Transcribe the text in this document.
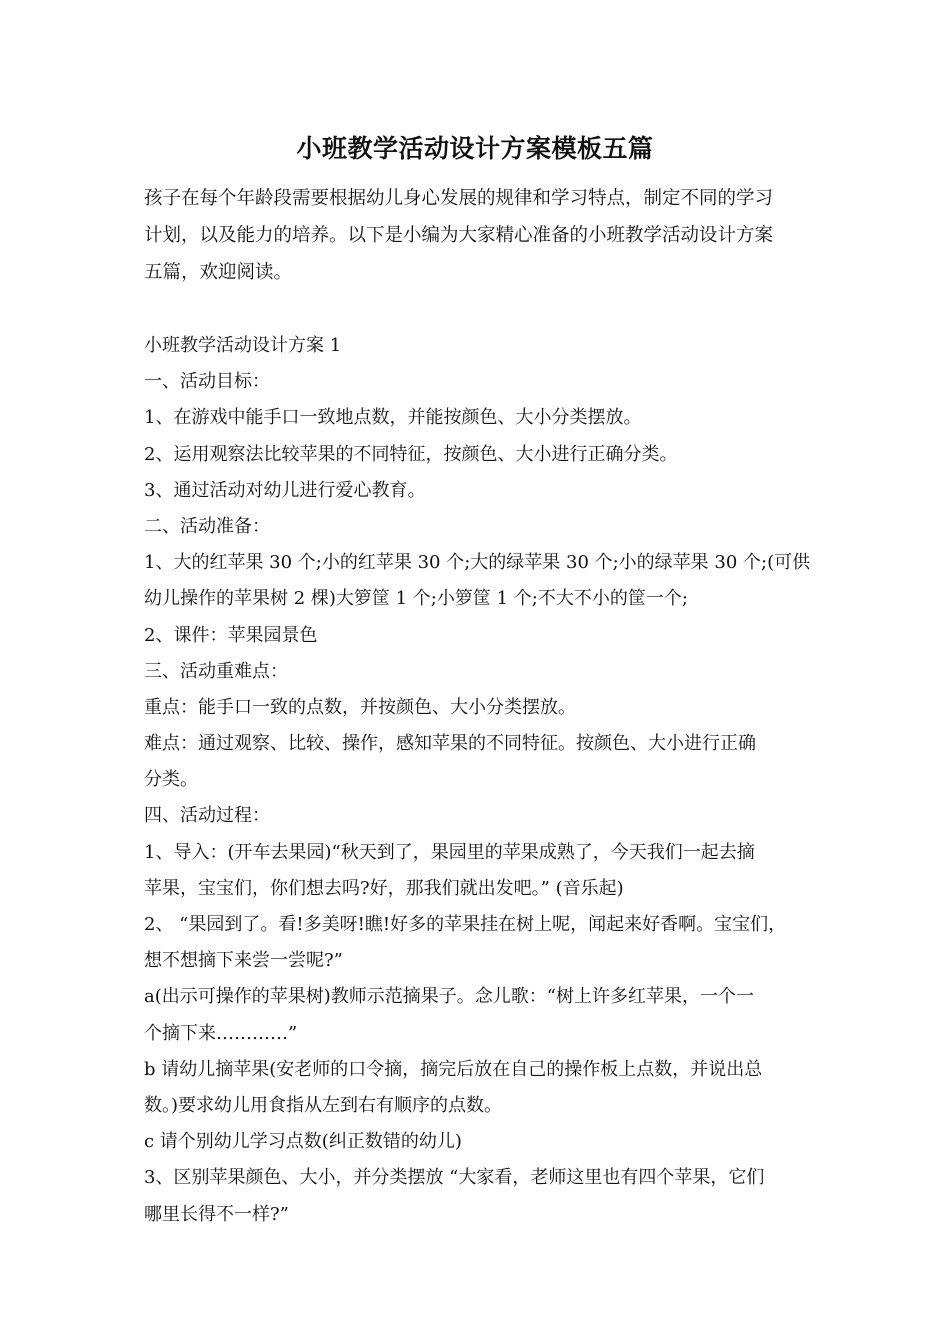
小班教学活动设计方案模板五篇
孩子在每个年龄段需要根据幼儿身心发展的规律和学习特点，制定不同的学习
计划，以及能力的培养。以下是小编为大家精心准备的小班教学活动设计方案
五篇，欢迎阅读。
小班教学活动设计方案 1
一、活动目标：
1、在游戏中能手口一致地点数，并能按颜色、大小分类摆放。
2、运用观察法比较苹果的不同特征，按颜色、大小进行正确分类。
3、通过活动对幼儿进行爱心教育。
二、活动准备：
1、大的红苹果 30 个;小的红苹果 30 个;大的绿苹果 30 个;小的绿苹果 30 个;(可供
幼儿操作的苹果树 2 棵)大箩筐 1 个;小箩筐 1 个;不大不小的筐一个;
2、课件：苹果园景色
三、活动重难点：
重点：能手口一致的点数，并按颜色、大小分类摆放。
难点：通过观察、比较、操作，感知苹果的不同特征。按颜色、大小进行正确
分类。
四、活动过程：
1、导入：(开车去果园)“秋天到了，果园里的苹果成熟了，今天我们一起去摘
苹果，宝宝们，你们想去吗?好，那我们就出发吧。” (音乐起)
2、 “果园到了。看!多美呀!瞧!好多的苹果挂在树上呢，闻起来好香啊。宝宝们，
想不想摘下来尝一尝呢?”
a(出示可操作的苹果树)教师示范摘果子。念儿歌：“树上许多红苹果，一个一
个摘下来…………”
b 请幼儿摘苹果(安老师的口令摘，摘完后放在自己的操作板上点数，并说出总
数。)要求幼儿用食指从左到右有顺序的点数。
c 请个别幼儿学习点数(纠正数错的幼儿)
3、区别苹果颜色、大小，并分类摆放 “大家看，老师这里也有四个苹果，它们
哪里长得不一样?”
